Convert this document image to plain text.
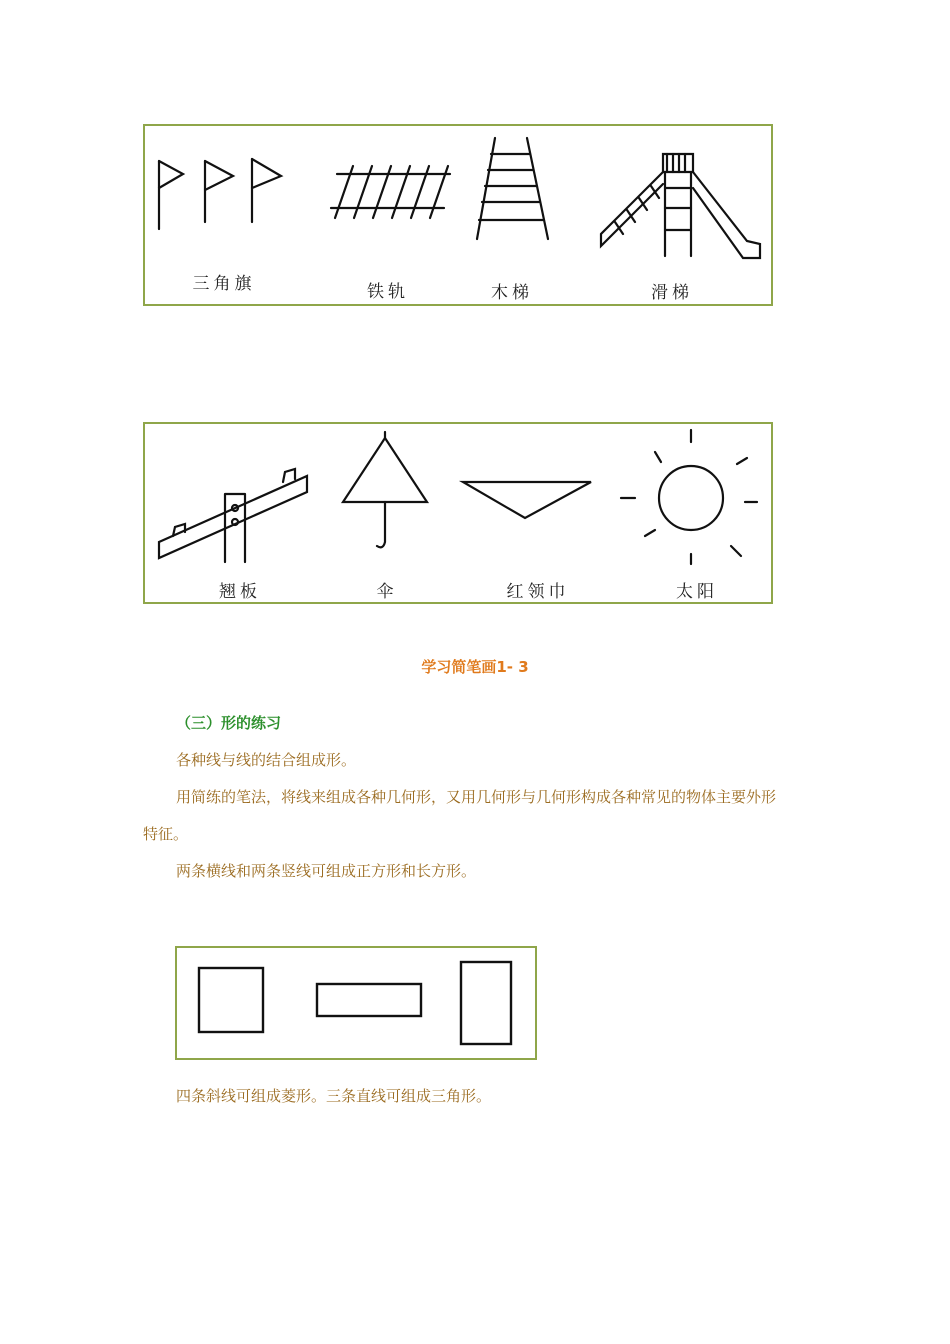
三角旗	铁轨	木梯	滑梯
翘板	伞	红领巾	太阳
学习简笔画1- 3
（三）形的练习
各种线与线的结合组成形。
用简练的笔法，将线来组成各种几何形，又用几何形与几何形构成各种常见的物体主要外形
特征。
两条横线和两条竖线可组成正方形和长方形。
四条斜线可组成菱形。三条直线可组成三角形。
